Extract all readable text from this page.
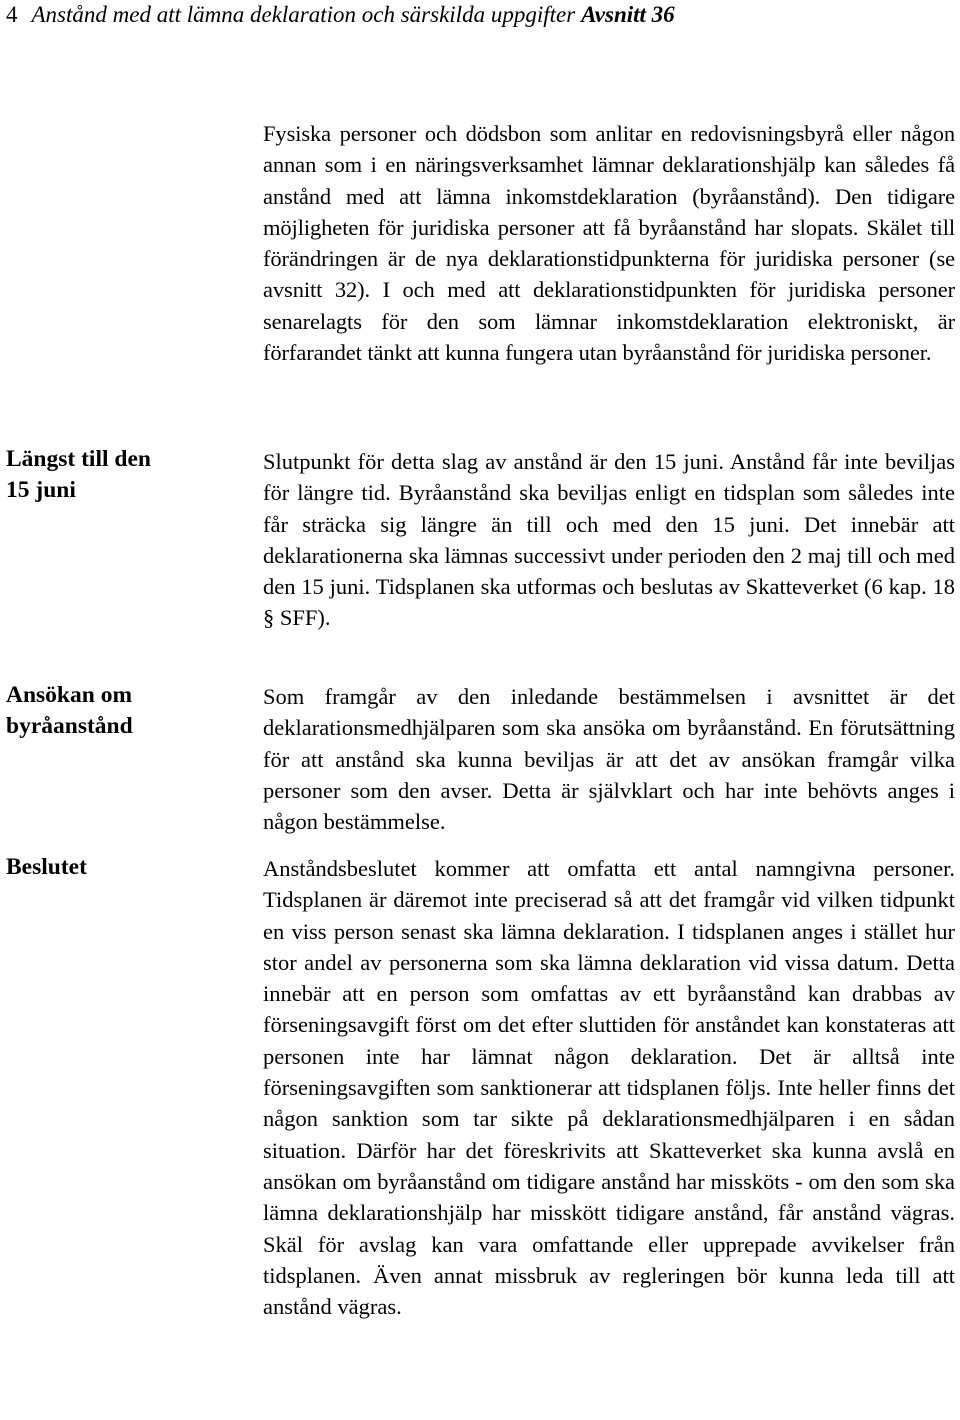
4 Anstånd med att lämna deklaration och särskilda uppgifter Avsnitt 36
Längst till den 15 juni
Ansökan om byråanstånd
Beslutet

Fysiska personer och dödsbon som anlitar en redovisningsbyrå eller någon annan som i en näringsverksamhet lämnar deklarationshjälp kan således få anstånd med att lämna inkomstdeklaration (byråanstånd). Den tidigare möjligheten för juridiska personer att få byråanstånd har slopats. Skälet till förändringen är de nya deklarationstidpunkterna för juridiska personer (se avsnitt 32). I och med att deklarationstidpunkten för juridiska personer senarelagts för den som lämnar inkomstdeklaration elektroniskt, är förfarandet tänkt att kunna fungera utan byråanstånd för juridiska personer.

Slutpunkt för detta slag av anstånd är den 15 juni. Anstånd får inte beviljas för längre tid. Byråanstånd ska beviljas enligt en tidsplan som således inte får sträcka sig längre än till och med den 15 juni. Det innebär att deklarationerna ska lämnas successivt under perioden den 2 maj till och med den 15 juni. Tidsplanen ska utformas och beslutas av Skatteverket (6 kap. 18 § SFF).

Som framgår av den inledande bestämmelsen i avsnittet är det deklarationsmedhjälparen som ska ansöka om byråanstånd. En förutsättning för att anstånd ska kunna beviljas är att det av ansökan framgår vilka personer som den avser. Detta är självklart och har inte behövts anges i någon bestämmelse.

Anståndsbeslutet kommer att omfatta ett antal namngivna personer. Tidsplanen är däremot inte preciserad så att det framgår vid vilken tidpunkt en viss person senast ska lämna deklaration. I tidsplanen anges i stället hur stor andel av personerna som ska lämna deklaration vid vissa datum. Detta innebär att en person som omfattas av ett byråanstånd kan drabbas av förseningsavgift först om det efter sluttiden för anståndet kan konstateras att personen inte har lämnat någon deklaration. Det är alltså inte förseningsavgiften som sanktionerar att tidsplanen följs. Inte heller finns det någon sanktion som tar sikte på deklarationsmedhjälparen i en sådan situation. Därför har det föreskrivits att Skatteverket ska kunna avslå en ansökan om byråanstånd om tidigare anstånd har missköts - om den som ska lämna deklarationshjälp har misskött tidigare anstånd, får anstånd vägras. Skäl för avslag kan vara omfattande eller upprepade avvikelser från tidsplanen. Även annat missbruk av regleringen bör kunna leda till att anstånd vägras.
